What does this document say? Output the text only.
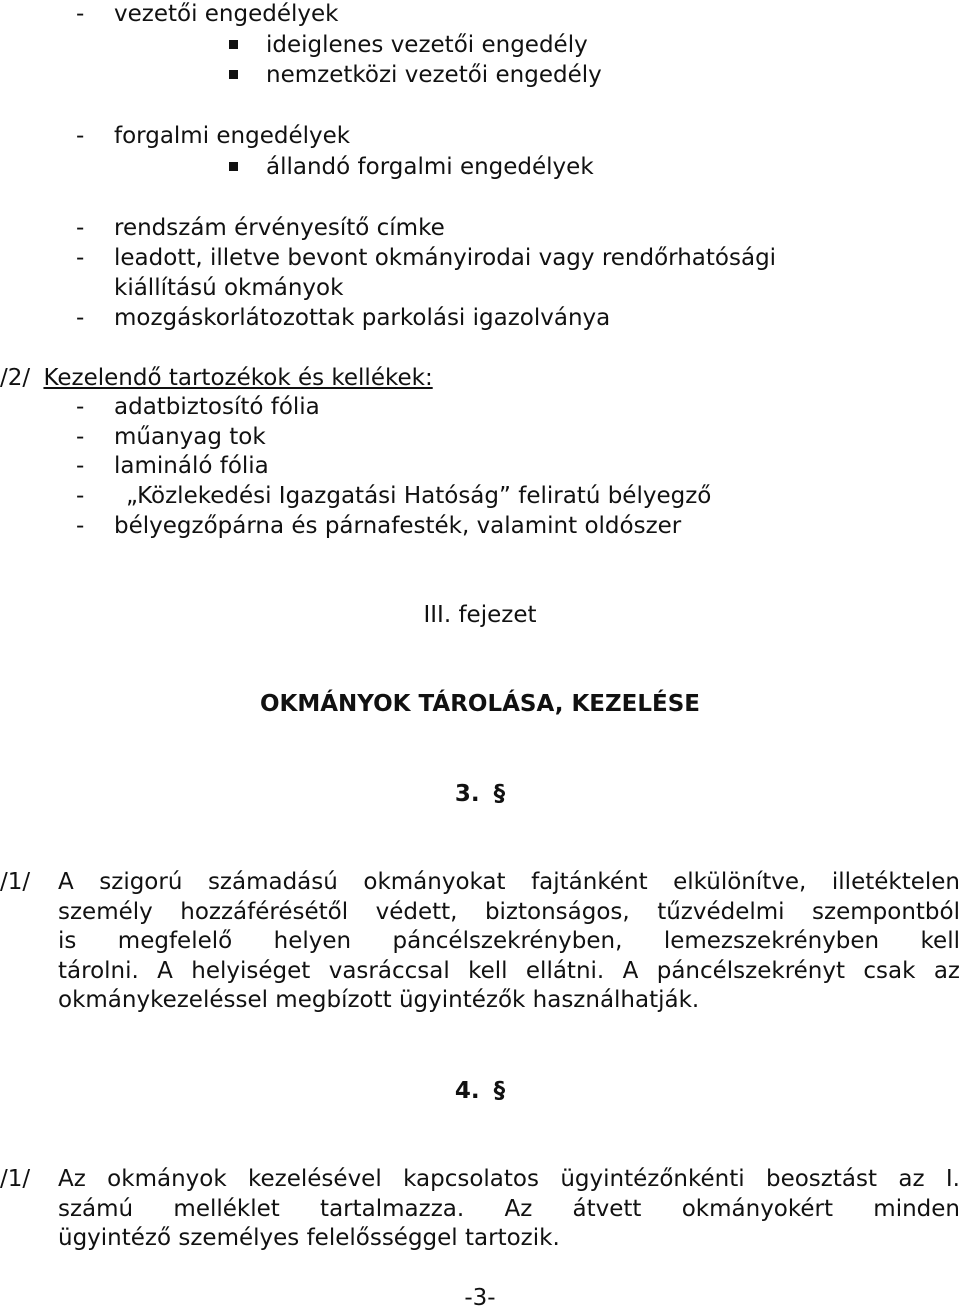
- vezetői engedélyek
ideiglenes vezetői engedély
nemzetközi vezetői engedély
- forgalmi engedélyek
állandó forgalmi engedélyek
- rendszám érvényesítő címke
- leadott, illetve bevont okmányirodai vagy rendőrhatósági
kiállítású okmányok
- mozgáskorlátozottak parkolási igazolványa
/2/ Kezelendő tartozékok és kellékek:
- adatbiztosító fólia
- műanyag tok
- lamináló fólia
- „Közlekedési Igazgatási Hatóság” feliratú bélyegző
- bélyegzőpárna és párnafesték, valamint oldószer
III. fejezet
OKMÁNYOK TÁROLÁSA, KEZELÉSE
3. §
/1/ A szigorú számadású okmányokat fajtánként elkülönítve, illetéktelen
személy hozzáférésétől védett, biztonságos, tűzvédelmi szempontból
is megfelelő helyen páncélszekrényben, lemezszekrényben kell
tárolni. A helyiséget vasráccsal kell ellátni. A páncélszekrényt csak az
okmánykezeléssel megbízott ügyintézők használhatják.
4. §
/1/ Az okmányok kezelésével kapcsolatos ügyintézőnkénti beosztást az I.
számú melléklet tartalmazza. Az átvett okmányokért minden
ügyintéző személyes felelősséggel tartozik.
-3-
